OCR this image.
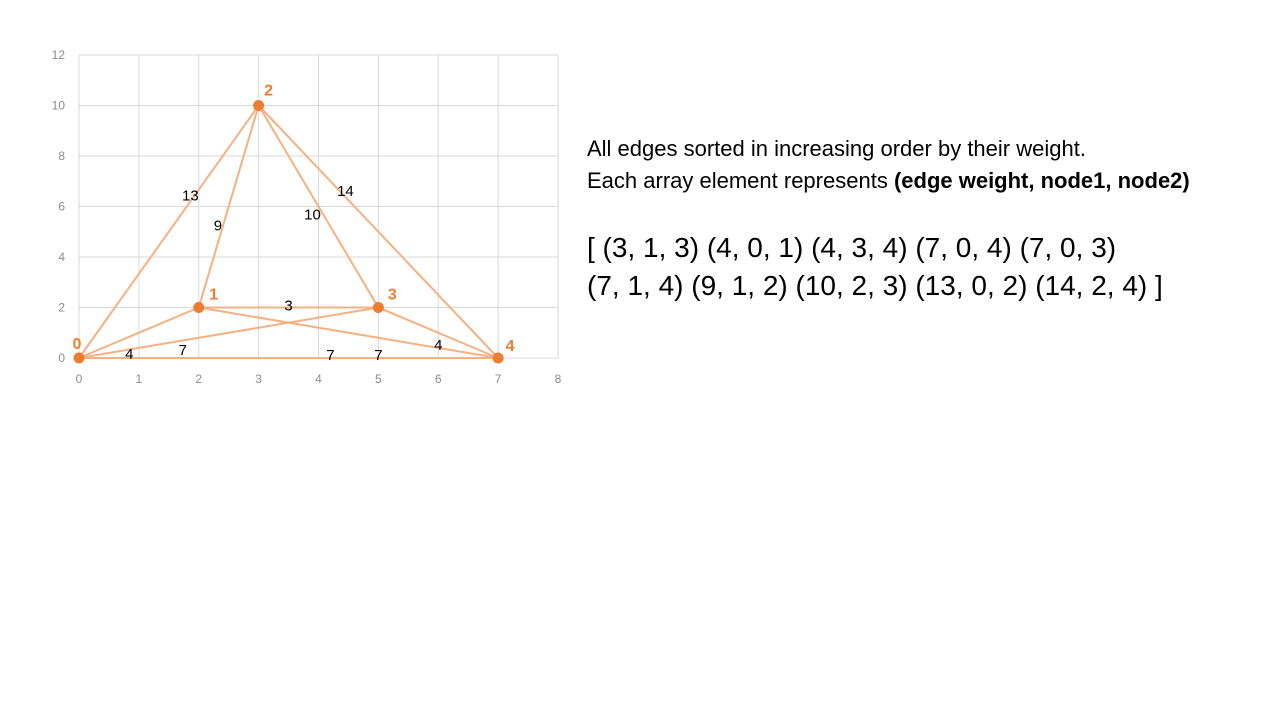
0	1	2	3	4	5	6	7	8
0
2
4
6
8
10
12
3
4
4
7
7	7
9
10
13	14
0
1
2
3
4
All edges sorted in increasing order by their weight.
Each array element represents (edge weight, node1, node2)
[ (3, 1, 3) (4, 0, 1) (4, 3, 4) (7, 0, 4) (7, 0, 3)
(7, 1, 4) (9, 1, 2) (10, 2, 3) (13, 0, 2) (14, 2, 4) ]
